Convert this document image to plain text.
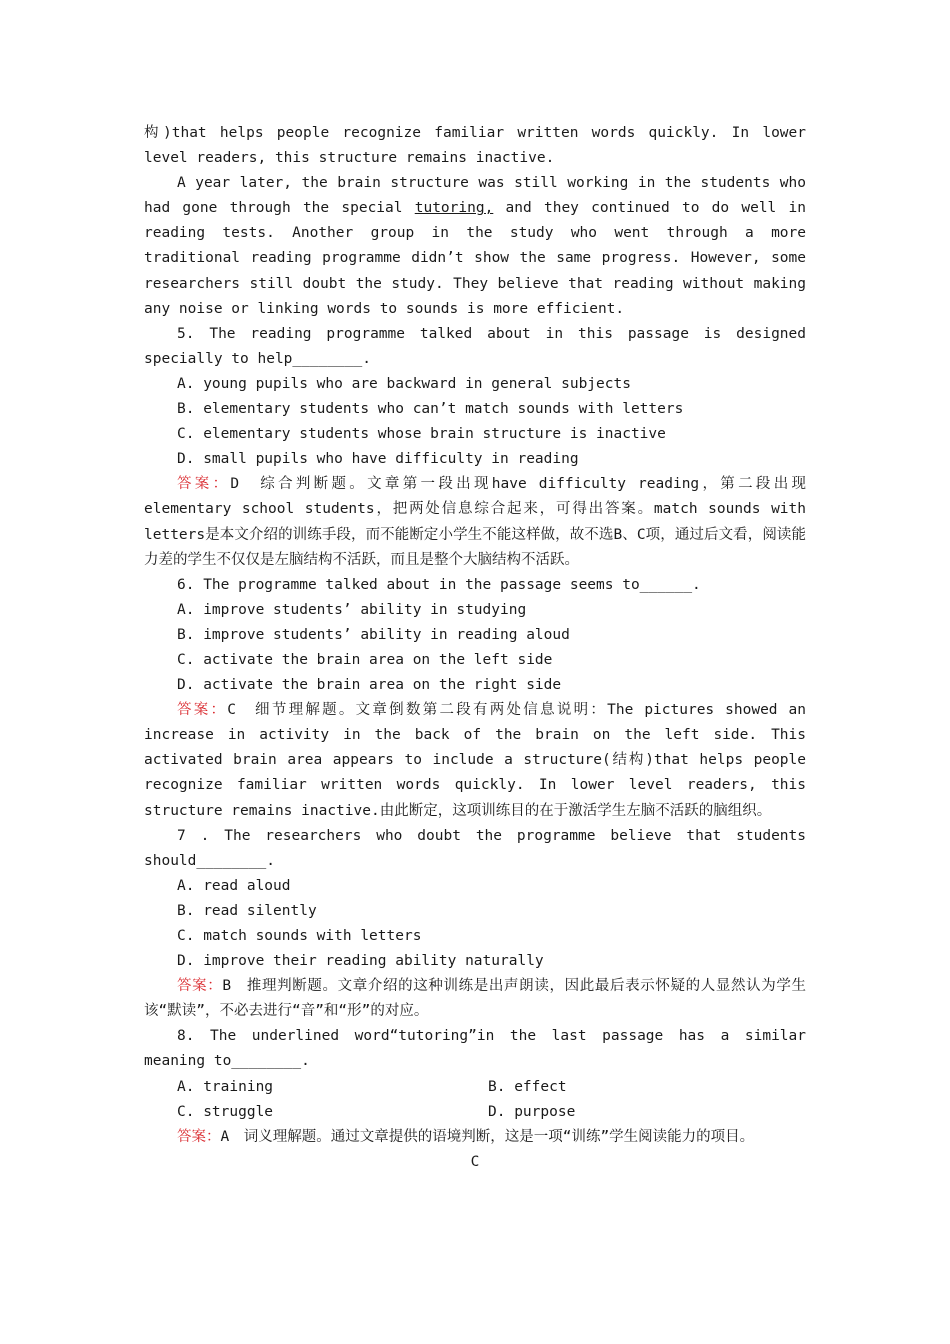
构)that helps people recognize familiar written words quickly. In lower level readers, this structure remains inactive.

A year later, the brain structure was still working in the students who had gone through the special tutoring, and they continued to do well in reading tests. Another group in the study who went through a more traditional reading programme didn’t show the same progress. However, some researchers still doubt the study. They believe that reading without making any noise or linking words to sounds is more efficient.

5. The reading programme talked about in this passage is designed specially to help________.

A. young pupils who are backward in general subjects

B. elementary students who can’t match sounds with letters

C. elementary students whose brain structure is inactive

D. small pupils who have difficulty in reading

答案：D　综合判断题。文章第一段出现have difficulty reading，第二段出现elementary school students，把两处信息综合起来，可得出答案。match sounds with letters是本文介绍的训练手段，而不能断定小学生不能这样做，故不选B、C项，通过后文看，阅读能力差的学生不仅仅是左脑结构不活跃，而且是整个大脑结构不活跃。

6. The programme talked about in the passage seems to______.

A. improve students’ ability in studying

B. improve students’ ability in reading aloud

C. activate the brain area on the left side

D. activate the brain area on the right side

答案：C　细节理解题。文章倒数第二段有两处信息说明：The pictures showed an increase in activity in the back of the brain on the left side. This activated brain area appears to include a structure(结构)that helps people recognize familiar written words quickly. In lower level readers, this structure remains inactive.由此断定，这项训练目的在于激活学生左脑不活跃的脑组织。

7 . The researchers who doubt the programme believe that students should________.

A. read aloud

B. read silently

C. match sounds with letters

D. improve their reading ability naturally

答案：B　推理判断题。文章介绍的这种训练是出声朗读，因此最后表示怀疑的人显然认为学生该“默读”，不必去进行“音”和“形”的对应。

8. The underlined word“tutoring”in the last passage has a similar meaning to________.

A. training	B. effect
C. struggle	D. purpose

答案：A　词义理解题。通过文章提供的语境判断，这是一项“训练”学生阅读能力的项目。

C
